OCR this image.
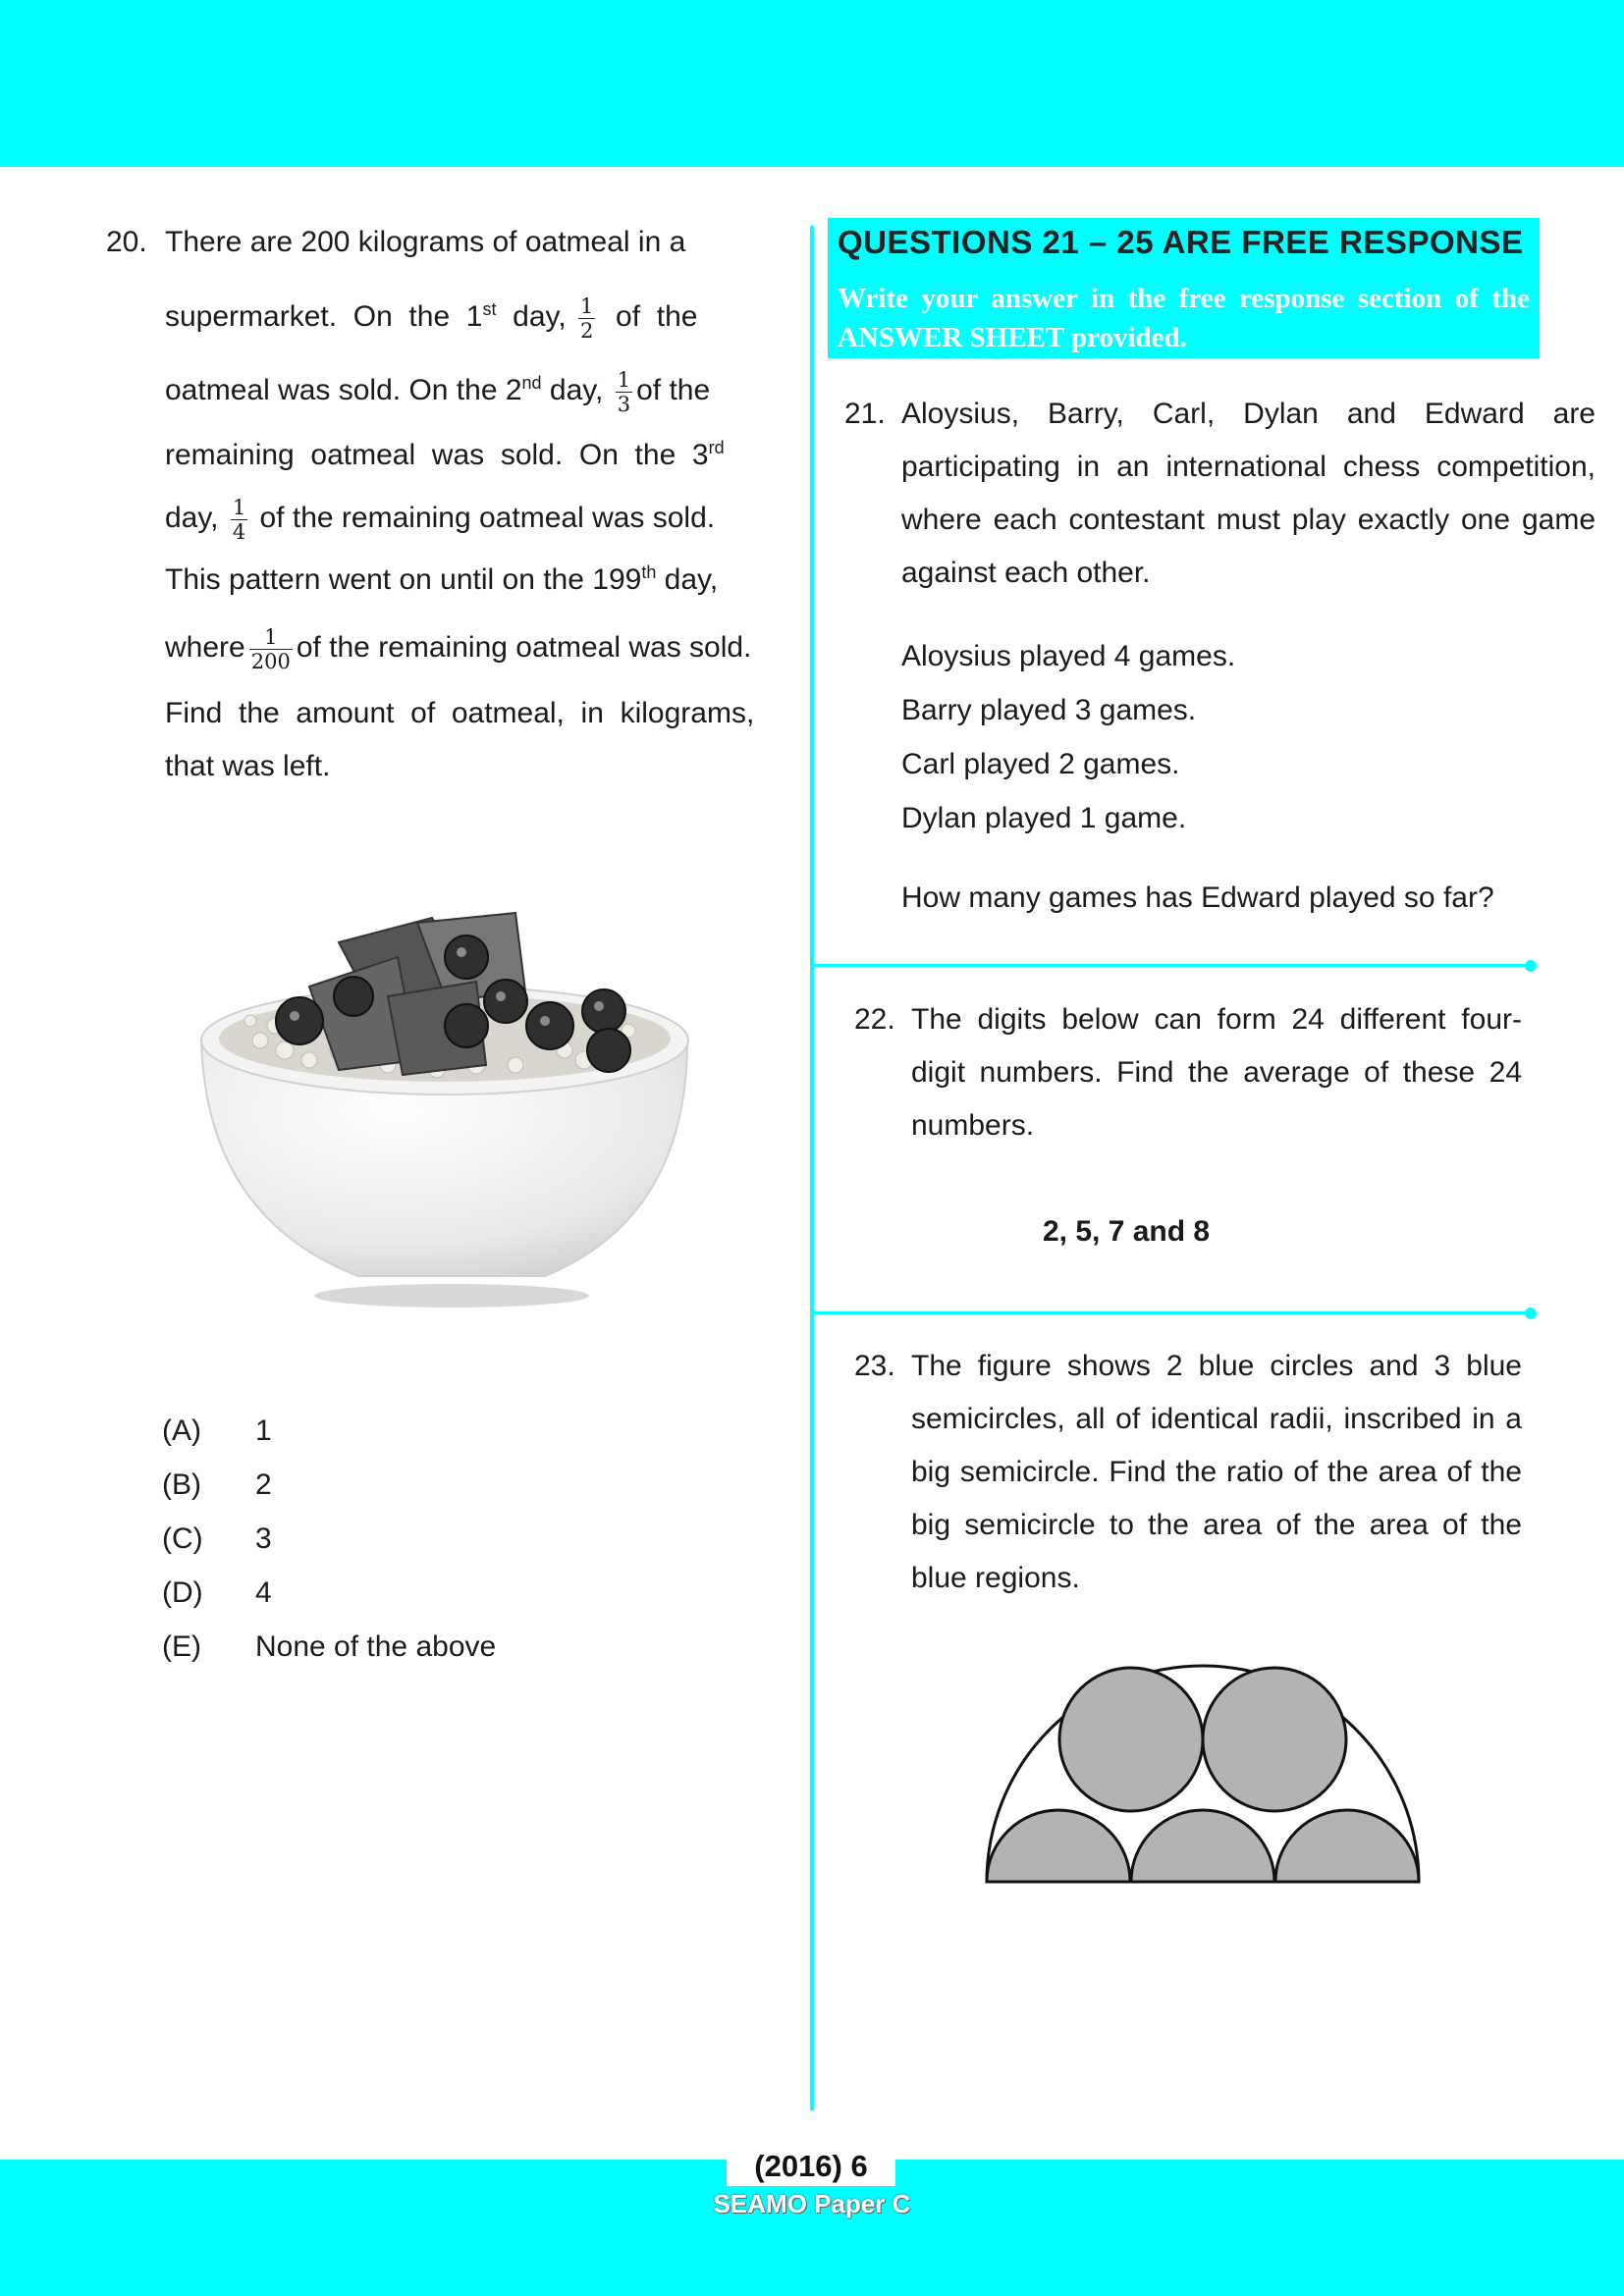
20. There are 200 kilograms of oatmeal in a
supermarket.  On  the  1st  day, $\frac{1}{2}$ of  the
oatmeal was sold. On the 2nd day, $\frac{1}{3}$ of the
remaining  oatmeal  was  sold.  On  the  3rd
day, $\frac{1}{4}$ of the remaining oatmeal was sold.
This pattern went on until on the 199th day,
where $\frac{1}{200}$ of the remaining oatmeal was sold.
Find  the  amount  of  oatmeal,  in  kilograms,
that was left.
(A)	1
(B)	2
(C)	3
(D)	4
(E)	None of the above
QUESTIONS 21 – 25 ARE FREE RESPONSE
Write your answer in the free response section of the ANSWER SHEET provided.
21. Aloysius, Barry, Carl, Dylan and Edward are participating in an international chess competition, where each contestant must play exactly one game against each other.
Aloysius played 4 games.
Barry played 3 games.
Carl played 2 games.
Dylan played 1 game.
How many games has Edward played so far?
22. The digits below can form 24 different four-digit numbers. Find the average of these 24 numbers.
2, 5, 7 and 8
23. The figure shows 2 blue circles and 3 blue semicircles, all of identical radii, inscribed in a big semicircle. Find the ratio of the area of the big semicircle to the area of the area of the blue regions.
(2016) 6
SEAMO Paper C
